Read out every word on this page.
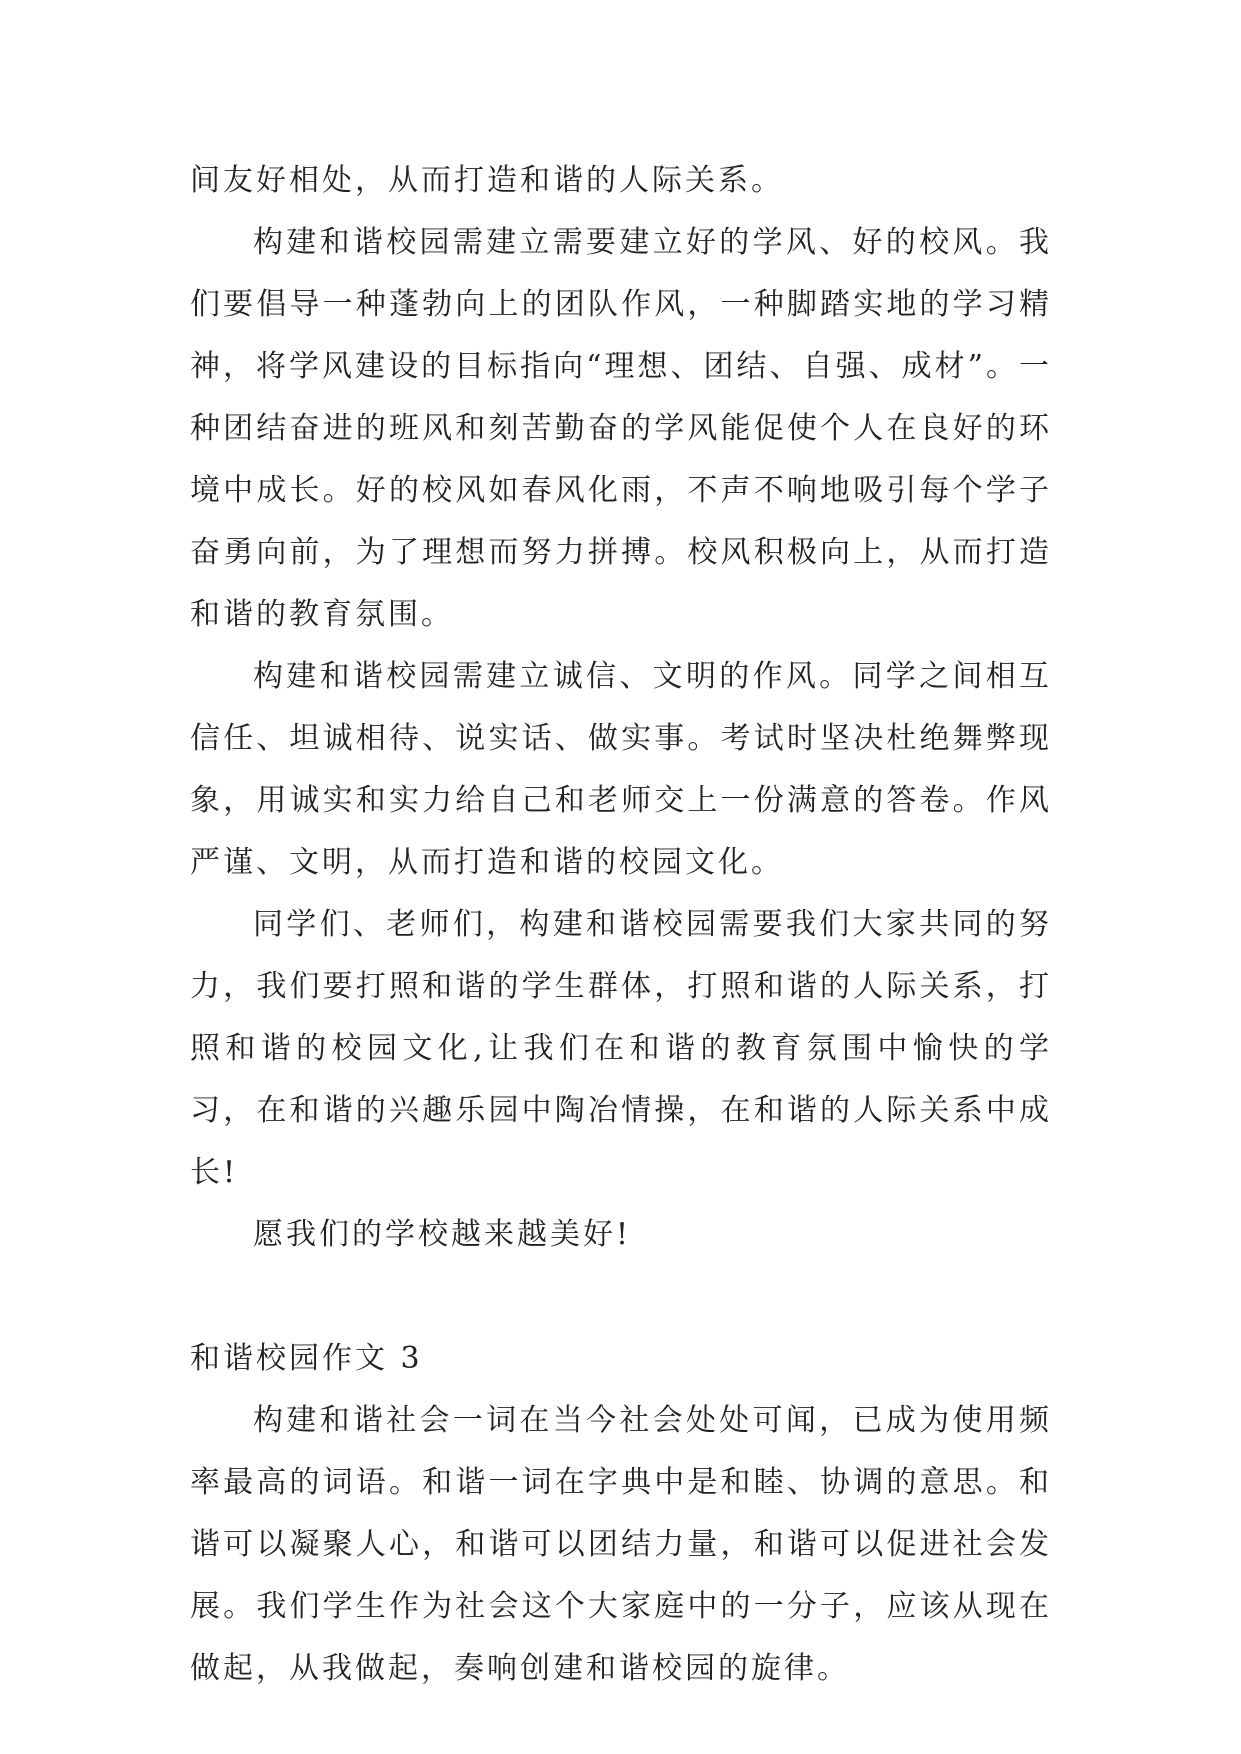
间友好相处，从而打造和谐的人际关系。

构建和谐校园需建立需要建立好的学风、好的校风。我们要倡导一种蓬勃向上的团队作风，一种脚踏实地的学习精神，将学风建设的目标指向“理想、团结、自强、成材”。一种团结奋进的班风和刻苦勤奋的学风能促使个人在良好的环境中成长。好的校风如春风化雨，不声不响地吸引每个学子奋勇向前，为了理想而努力拼搏。校风积极向上，从而打造和谐的教育氛围。

构建和谐校园需建立诚信、文明的作风。同学之间相互信任、坦诚相待、说实话、做实事。考试时坚决杜绝舞弊现象，用诚实和实力给自己和老师交上一份满意的答卷。作风严谨、文明，从而打造和谐的校园文化。

同学们、老师们，构建和谐校园需要我们大家共同的努力，我们要打照和谐的学生群体，打照和谐的人际关系，打照和谐的校园文化,让我们在和谐的教育氛围中愉快的学习，在和谐的兴趣乐园中陶冶情操，在和谐的人际关系中成长!

愿我们的学校越来越美好!

和谐校园作文 3

构建和谐社会一词在当今社会处处可闻，已成为使用频率最高的词语。和谐一词在字典中是和睦、协调的意思。和谐可以凝聚人心，和谐可以团结力量，和谐可以促进社会发展。我们学生作为社会这个大家庭中的一分子，应该从现在做起，从我做起，奏响创建和谐校园的旋律。
